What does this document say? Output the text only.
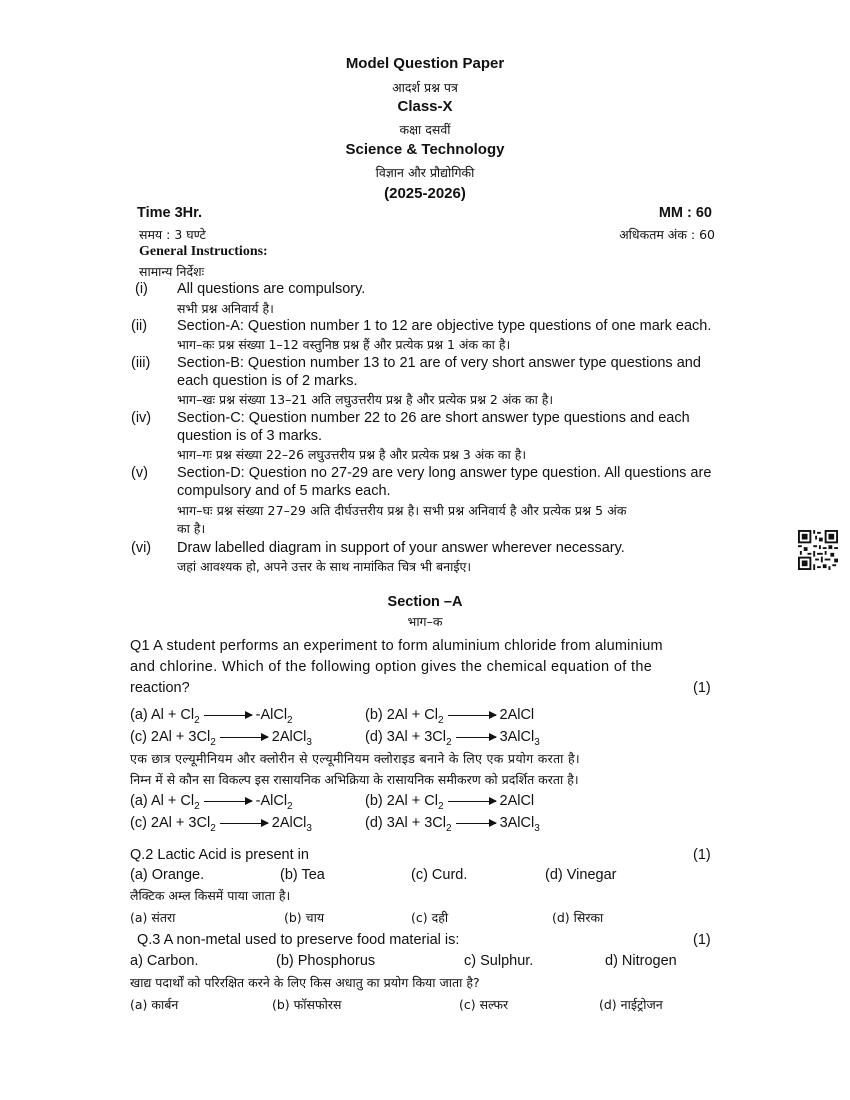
Model Question Paper
आदर्श प्रश्न पत्र
Class-X
कक्षा दसवीं
Science & Technology
विज्ञान और प्रौद्योगिकी
(2025-2026)
Time 3Hr.
समय : 3 घण्टे
MM : 60
अधिकतम अंक : 60
General Instructions:
सामान्य निर्देशः
(i) All questions are compulsory.
सभी प्रश्न अनिवार्य है।
(ii) Section-A: Question number 1 to 12 are objective type questions of one mark each.
भाग–कः प्रश्न संख्या 1–12 वस्तुनिष्ठ प्रश्न हैं और प्रत्येक प्रश्न 1 अंक का है।
(iii) Section-B: Question number 13 to 21 are of very short answer type questions and
each question is of 2 marks.
भाग–खः प्रश्न संख्या 13–21 अति लघुउत्तरीय प्रश्न है और प्रत्येक प्रश्न 2 अंक का है।
(iv) Section-C: Question number 22 to 26 are short answer type questions and each
question is of 3 marks.
भाग–गः प्रश्न संख्या 22–26 लघुउत्तरीय प्रश्न है और प्रत्येक प्रश्न 3 अंक का है।
(v) Section-D: Question no 27-29 are very long answer type question. All questions are
compulsory and of 5 marks each.
भाग–घः प्रश्न संख्या 27–29 अति दीर्घउत्तरीय प्रश्न है। सभी प्रश्न अनिवार्य है और प्रत्येक प्रश्न 5 अंक
का है।
(vi) Draw labelled diagram in support of your answer wherever necessary.
जहां आवश्यक हो, अपने उत्तर के साथ नामांकित चित्र भी बनाईए।
Section –A
भाग–क
Q1 A student performs an experiment to form aluminium chloride from aluminium
and chlorine. Which of the following option gives the chemical equation of the
reaction?	(1)
(a) $Al + Cl_2$	-AlCl$_2$	(b) $2Al + Cl_2$	2AlCl
(c) $2Al + 3Cl_2$	2AlCl$_3$	(d) $3Al + 3Cl_2$	3AlCl$_3$
एक छात्र एल्यूमीनियम और क्लोरीन से एल्यूमीनियम क्लोराइड बनाने के लिए एक प्रयोग करता है।
निम्न में से कौन सा विकल्प इस रासायनिक अभिक्रिया के रासायनिक समीकरण को प्रदर्शित करता है।
(a) $Al + Cl_2$	-AlCl$_2$	(b) $2Al + Cl_2$	2AlCl
(c) $2Al + 3Cl_2$	2AlCl$_3$	(d) $3Al + 3Cl_2$	3AlCl$_3$
Q.2 Lactic Acid is present in	(1)
(a) Orange.	(b) Tea	(c) Curd.	(d) Vinegar
लैक्टिक अम्ल किसमें पाया जाता है।
(a) संतरा	(b) चाय	(c) दही	(d) सिरका
Q.3 A non-metal used to preserve food material is:	(1)
a) Carbon.	(b) Phosphorus	c) Sulphur.	d) Nitrogen
खाद्य पदार्थों को परिरक्षित करने के लिए किस अधातु का प्रयोग किया जाता है?
(a) कार्बन	(b) फॉसफोरस	(c) सल्फर	(d) नाईट्रोजन
